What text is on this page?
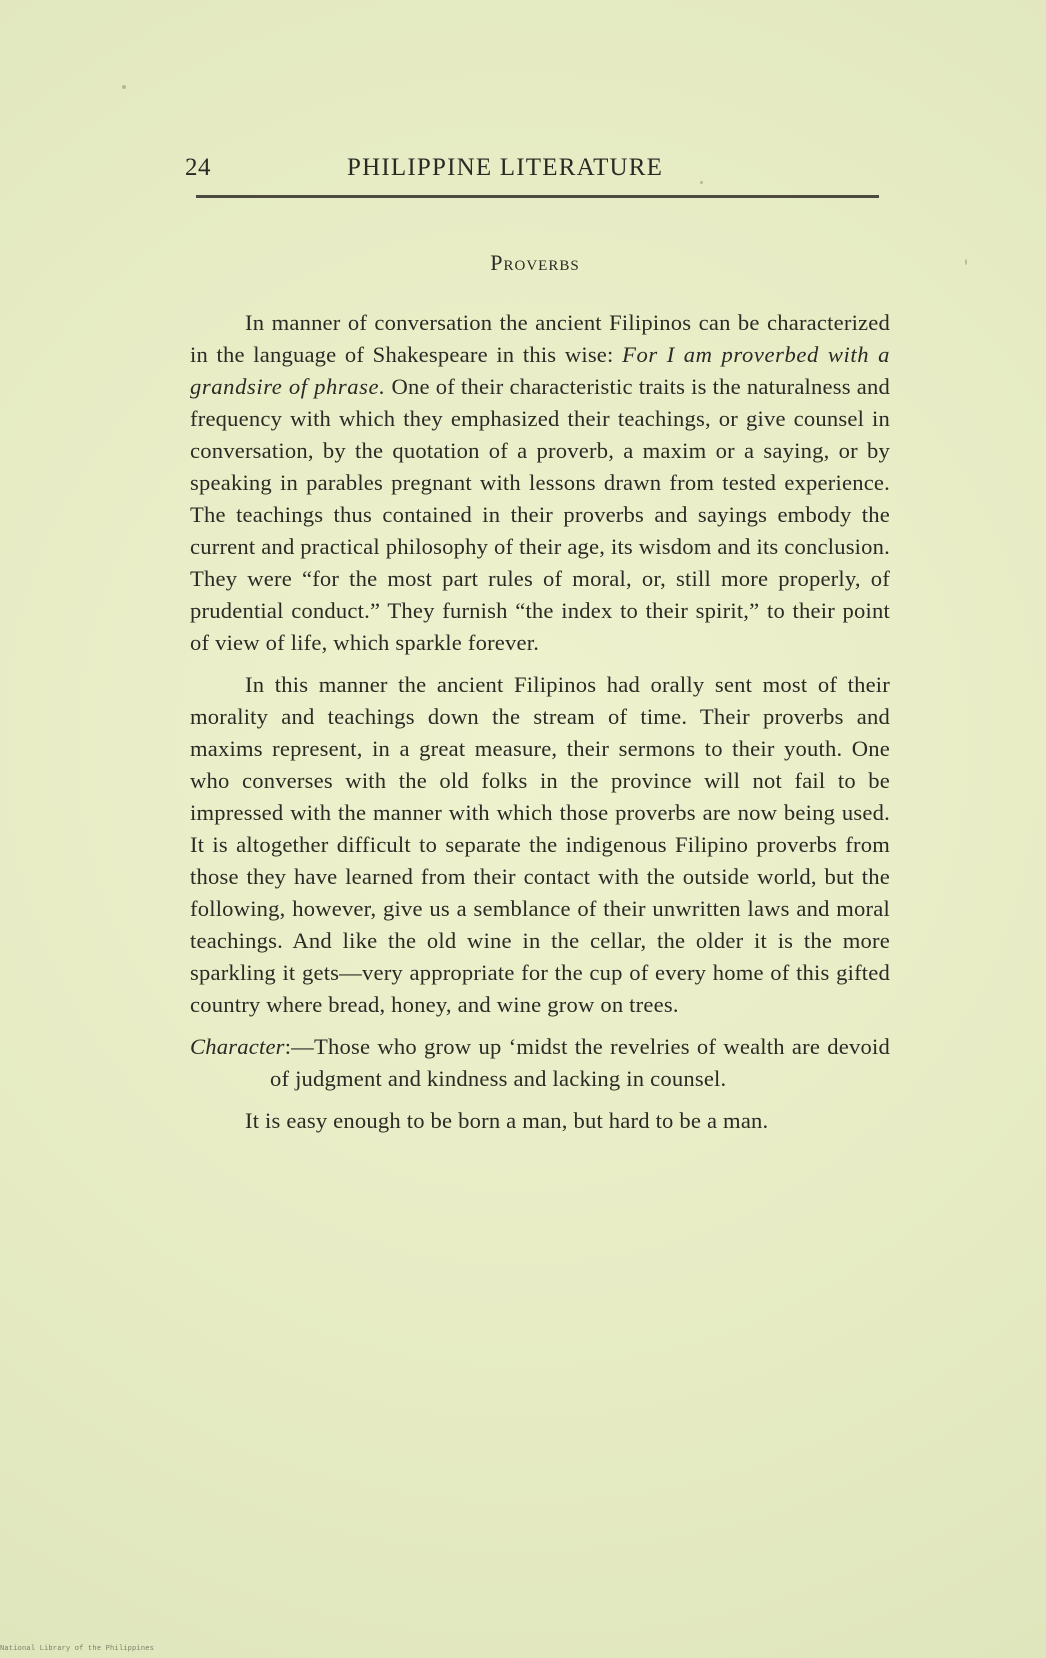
24	PHILIPPINE LITERATURE
Proverbs

In manner of conversation the ancient Filipinos can be characterized in the language of Shakespeare in this wise: For I am proverbed with a grandsire of phrase. One of their characteristic traits is the naturalness and frequency with which they emphasized their teachings, or give counsel in conversation, by the quotation of a proverb, a maxim or a saying, or by speaking in parables pregnant with lessons drawn from tested experience. The teachings thus contained in their proverbs and sayings embody the current and practical philosophy of their age, its wisdom and its conclusion. They were “for the most part rules of moral, or, still more properly, of prudential conduct.” They furnish “the index to their spirit,” to their point of view of life, which sparkle forever.

In this manner the ancient Filipinos had orally sent most of their morality and teachings down the stream of time. Their proverbs and maxims represent, in a great measure, their sermons to their youth. One who converses with the old folks in the province will not fail to be impressed with the manner with which those proverbs are now being used. It is altogether difficult to separate the indigenous Filipino proverbs from those they have learned from their contact with the outside world, but the following, however, give us a semblance of their unwritten laws and moral teachings. And like the old wine in the cellar, the older it is the more sparkling it gets—very appropriate for the cup of every home of this gifted country where bread, honey, and wine grow on trees.

Character:—Those who grow up ‘midst the revelries of wealth are devoid of judgment and kindness and lacking in counsel.

It is easy enough to be born a man, but hard to be a man.

National Library of the Philippines
